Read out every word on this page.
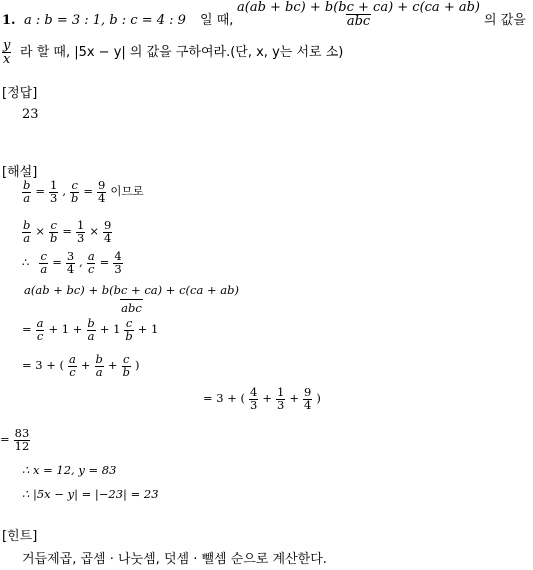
1. a : b = 3 : 1, b : c = 4 : 9 일 때, $\frac{a(ab + bc) + b(bc + ca) + c(ca + ab)}{\text{abc}}$ 의 값을
$\frac{y}{x}$ 라 할 때, |5x − y| 의 값을 구하여라.(단, x, y는 서로 소)
[정답]
23
[해설]
$\frac{b}{a} = \frac{1}{3}$ , $\frac{c}{b} = \frac{9}{4}$ 이므로
$\frac{b}{a} \times \frac{c}{b} = \frac{1}{3} \times \frac{9}{4}$
∴ $\frac{c}{a} = \frac{3}{4}$ , $\frac{a}{c} = \frac{4}{3}$
$\frac{a(ab + bc) + b(bc + ca) + c(ca + ab)}{\text{abc}}$
= $\frac{a}{c} + 1 + \frac{b}{a} + 1 \frac{c}{b} + 1$
= 3 + ( $\frac{a}{c} + \frac{b}{a} + \frac{c}{b}$ )
= 3 + ( $\frac{4}{3} + \frac{1}{3} + \frac{9}{4}$ )
= $\frac{83}{12}$
∴ x = 12, y = 83
∴ |5x − y| = |−23| = 23
[힌트]
거듭제곱, 곱셈 · 나눗셈, 덧셈 · 뺄셈 순으로 계산한다.
